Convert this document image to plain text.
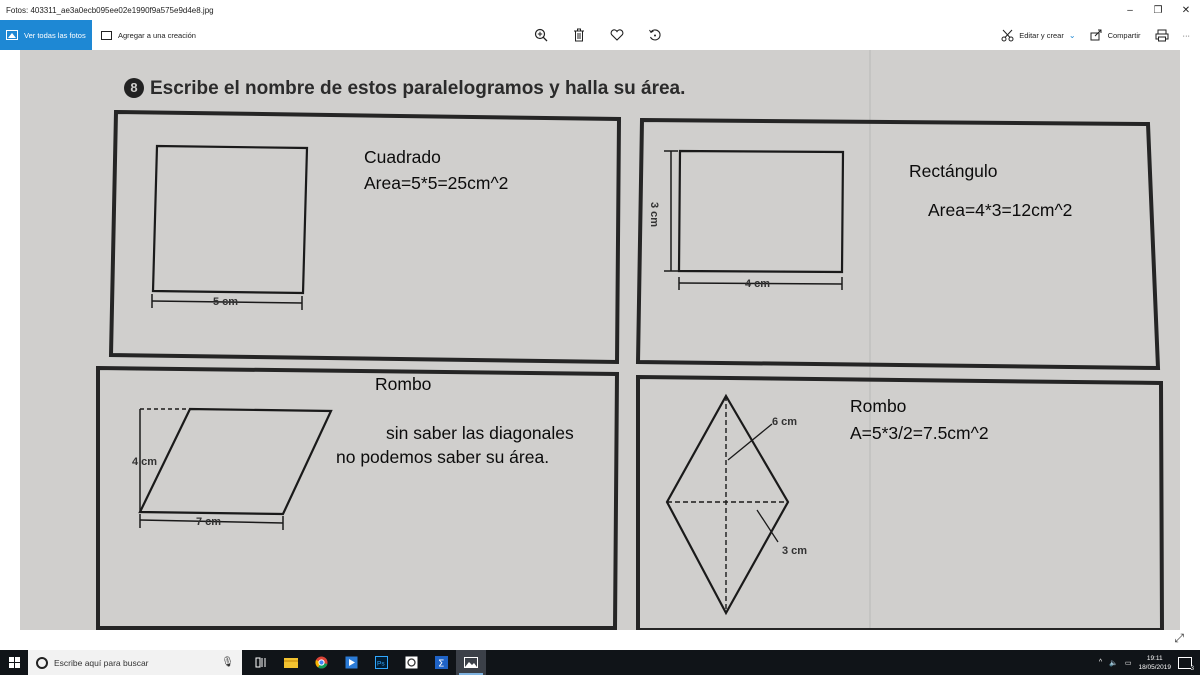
Fotos: 403311_ae3a0ecb095ee02e1990f9a575e9d4e8.jpg	–	❐	✕
Ver todas las fotos	Agregar a una creación	Editar y crear ⌄	Compartir	···
8 Escribe el nombre de estos paralelogramos y halla su área.
5 cm
3 cm
4 cm
4 cm
7 cm
6 cm
3 cm
Cuadrado
Area=5*5=25cm^2
Rectángulo
Area=4*3=12cm^2
Rombo
sin saber las diagonales
no podemos saber su área.
Rombo
A=5*3/2=7.5cm^2
⤢
Escribe aquí para buscar	🎙	Ps	Σ	^ 🔈 ▭
19:11
18/05/2019	3
